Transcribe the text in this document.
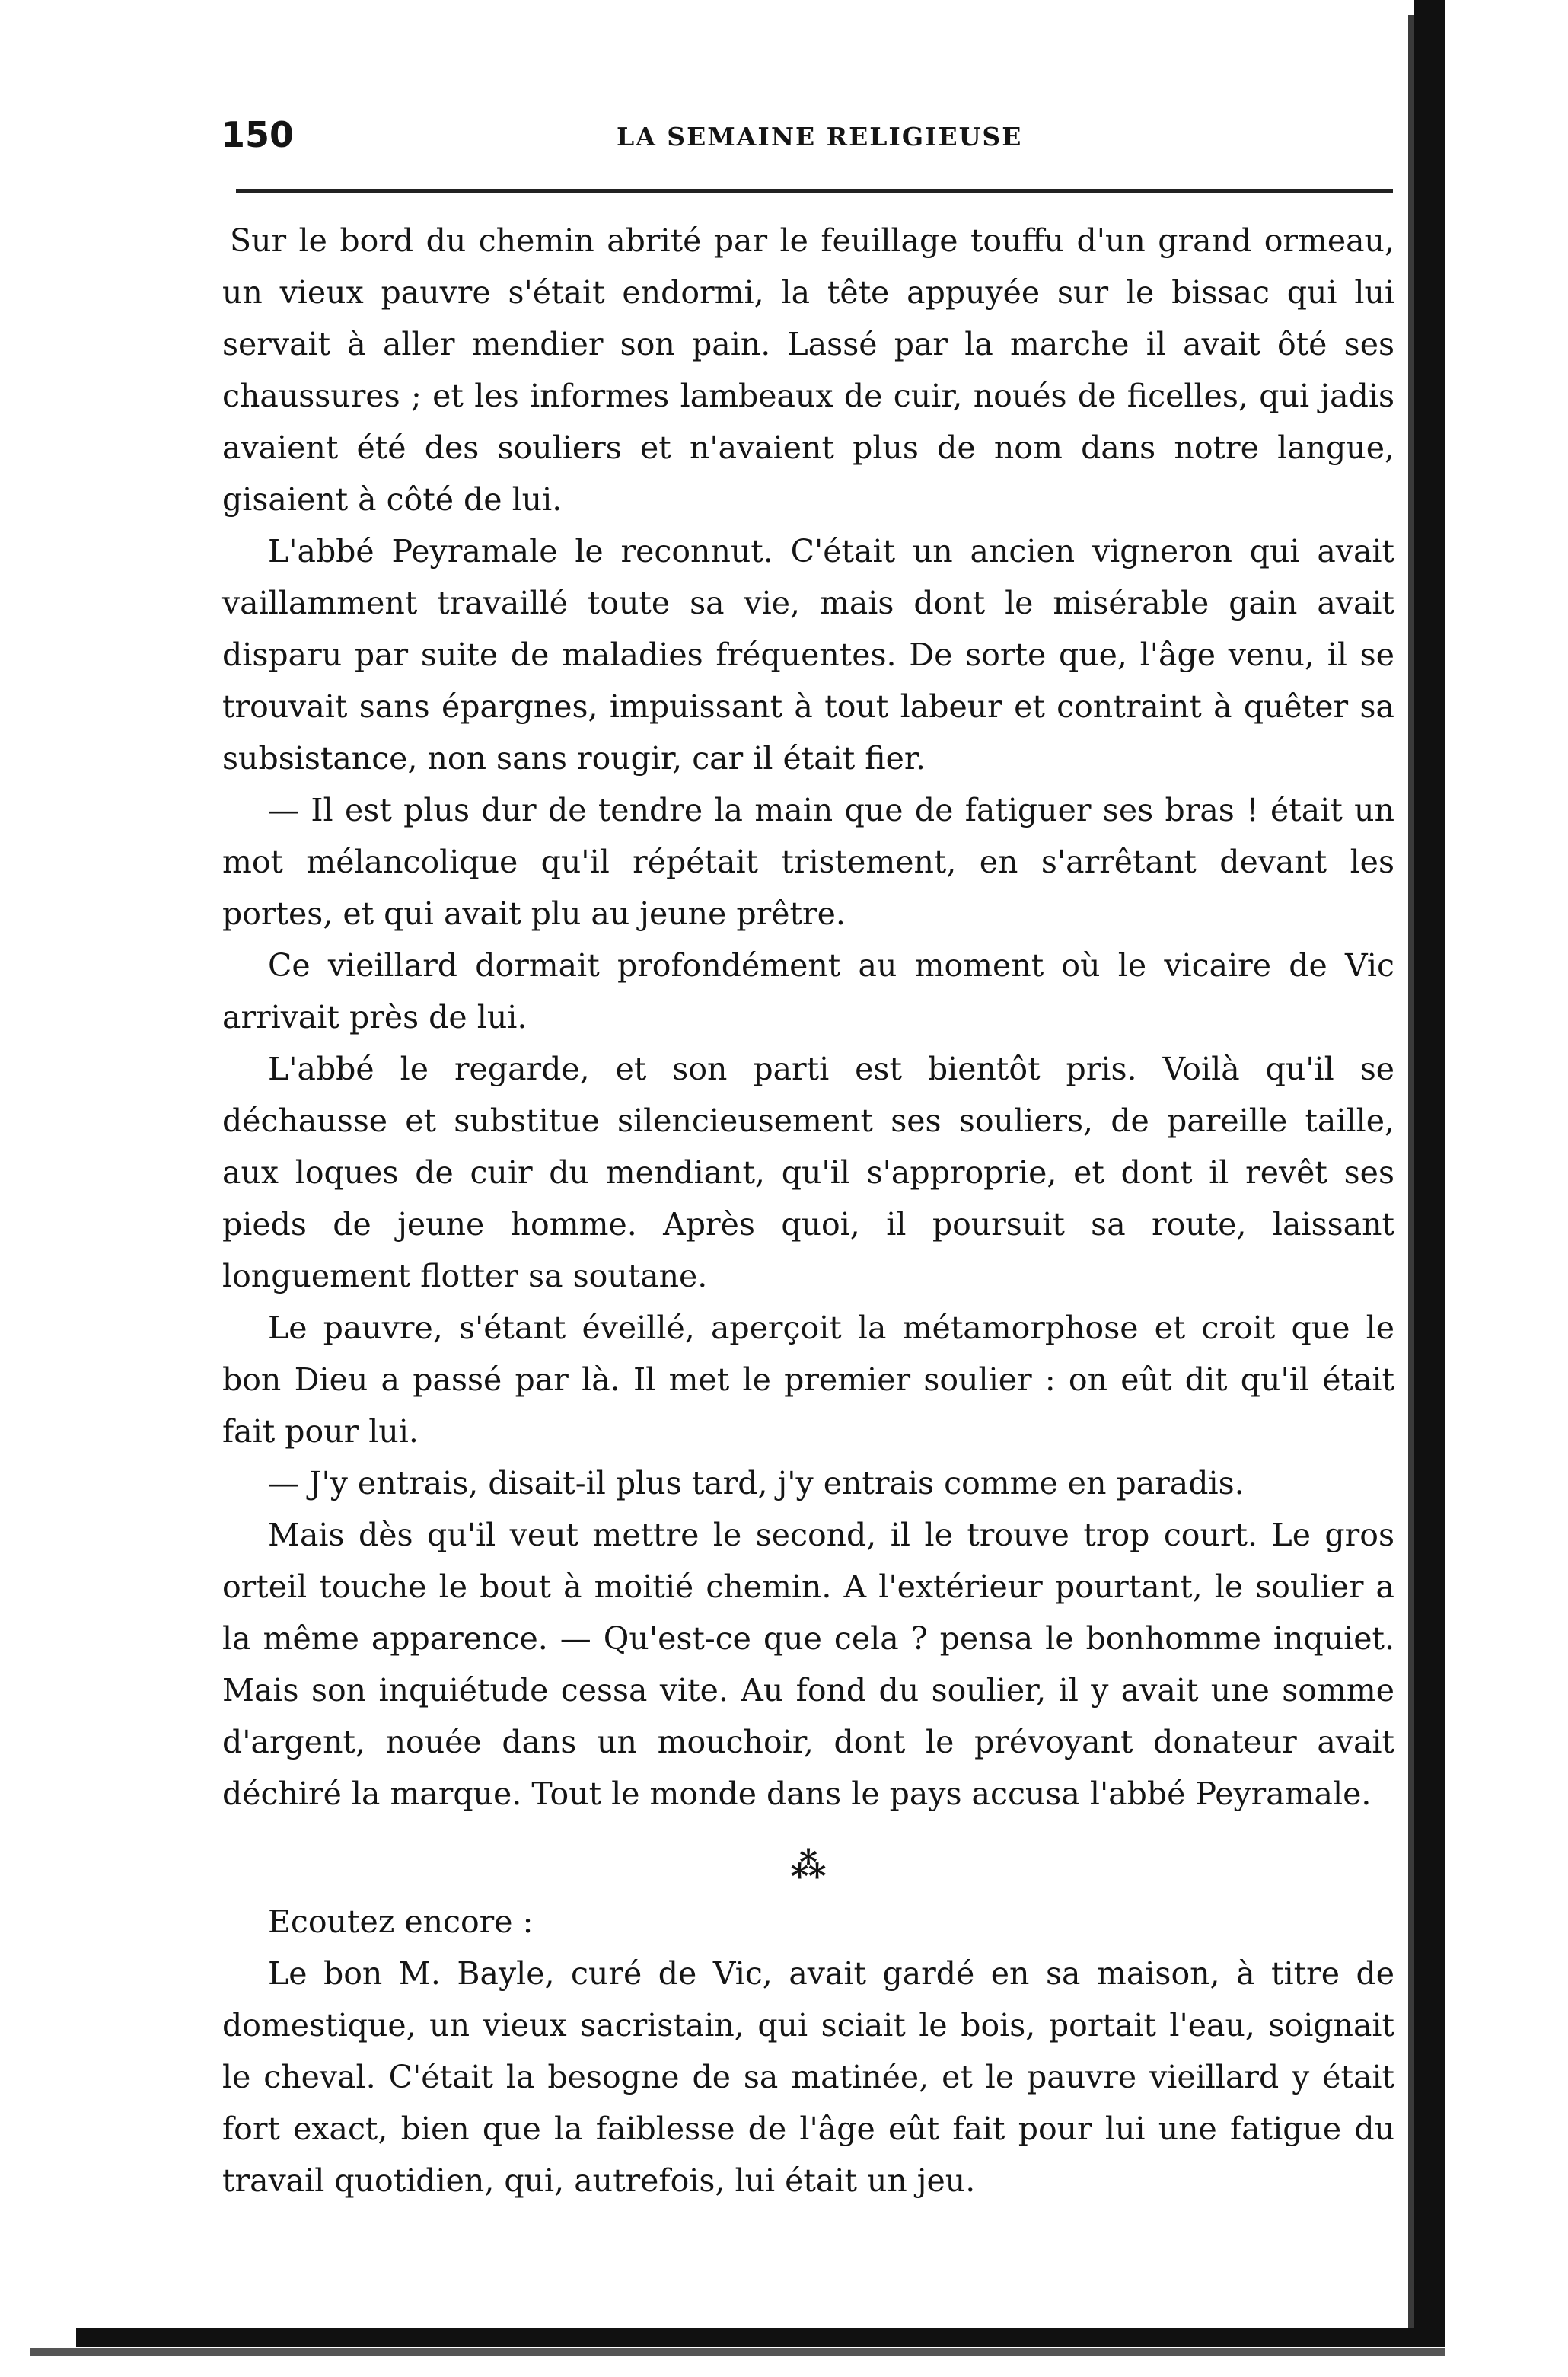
150	LA SEMAINE RELIGIEUSE

Sur le bord du chemin abrité par le feuillage touffu d'un grand ormeau, un vieux pauvre s'était endormi, la tête appuyée sur le bissac qui lui servait à aller mendier son pain. Lassé par la marche il avait ôté ses chaussures ; et les informes lambeaux de cuir, noués de ficelles, qui jadis avaient été des souliers et n'avaient plus de nom dans notre langue, gisaient à côté de lui.

L'abbé Peyramale le reconnut. C'était un ancien vigneron qui avait vaillamment travaillé toute sa vie, mais dont le misérable gain avait disparu par suite de maladies fréquentes. De sorte que, l'âge venu, il se trouvait sans épargnes, impuissant à tout labeur et contraint à quêter sa subsistance, non sans rougir, car il était fier.

— Il est plus dur de tendre la main que de fatiguer ses bras ! était un mot mélancolique qu'il répétait tristement, en s'arrêtant devant les portes, et qui avait plu au jeune prêtre.

Ce vieillard dormait profondément au moment où le vicaire de Vic arrivait près de lui.

L'abbé le regarde, et son parti est bientôt pris. Voilà qu'il se déchausse et substitue silencieusement ses souliers, de pareille taille, aux loques de cuir du mendiant, qu'il s'approprie, et dont il revêt ses pieds de jeune homme. Après quoi, il poursuit sa route, laissant longuement flotter sa soutane.

Le pauvre, s'étant éveillé, aperçoit la métamorphose et croit que le bon Dieu a passé par là. Il met le premier soulier : on eût dit qu'il était fait pour lui.

— J'y entrais, disait-il plus tard, j'y entrais comme en paradis.

Mais dès qu'il veut mettre le second, il le trouve trop court. Le gros orteil touche le bout à moitié chemin. A l'extérieur pourtant, le soulier a la même apparence. — Qu'est-ce que cela ? pensa le bonhomme inquiet. Mais son inquiétude cessa vite. Au fond du soulier, il y avait une somme d'argent, nouée dans un mouchoir, dont le prévoyant donateur avait déchiré la marque. Tout le monde dans le pays accusa l'abbé Peyramale.

⁂

Ecoutez encore :

Le bon M. Bayle, curé de Vic, avait gardé en sa maison, à titre de domestique, un vieux sacristain, qui sciait le bois, portait l'eau, soignait le cheval. C'était la besogne de sa matinée, et le pauvre vieillard y était fort exact, bien que la faiblesse de l'âge eût fait pour lui une fatigue du travail quotidien, qui, autrefois, lui était un jeu.
